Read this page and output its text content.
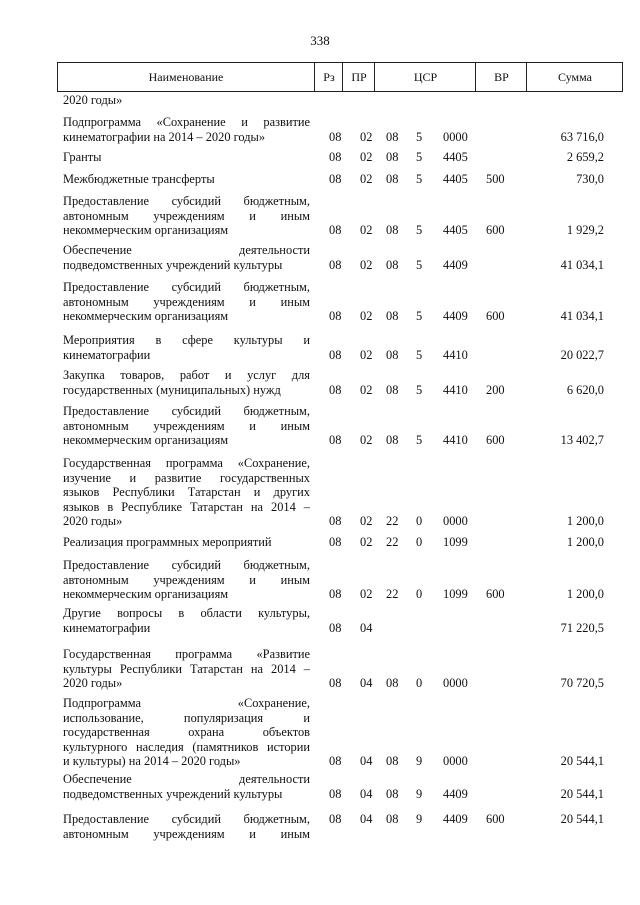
338
Наименование	Рз	ПР	ЦСР	ВР	Сумма
2020 годы»
Подпрограмма «Сохранение и развитие
кинематографии на 2014 – 2020 годы»	08 02 08 5 0000	63 716,0
Гранты	08 02 08 5 4405	2 659,2
Межбюджетные трансферты	08 02 08 5 4405 500	730,0
Предоставление субсидий бюджетным,
автономным учреждениям и иным
некоммерческим организациям	08 02 08 5 4405 600	1 929,2
Обеспечение деятельности
подведомственных учреждений культуры	08 02 08 5 4409	41 034,1
Предоставление субсидий бюджетным,
автономным учреждениям и иным
некоммерческим организациям	08 02 08 5 4409 600	41 034,1
Мероприятия в сфере культуры и
кинематографии	08 02 08 5 4410	20 022,7
Закупка товаров, работ и услуг для
государственных (муниципальных) нужд	08 02 08 5 4410 200	6 620,0
Предоставление субсидий бюджетным,
автономным учреждениям и иным
некоммерческим организациям	08 02 08 5 4410 600	13 402,7
Государственная программа «Сохранение,
изучение и развитие государственных
языков Республики Татарстан и других
языков в Республике Татарстан на 2014 –
2020 годы»	08 02 22 0 0000	1 200,0
Реализация программных мероприятий	08 02 22 0 1099	1 200,0
Предоставление субсидий бюджетным,
автономным учреждениям и иным
некоммерческим организациям	08 02 22 0 1099 600	1 200,0
Другие вопросы в области культуры,
кинематографии	08 04	71 220,5
Государственная программа «Развитие
культуры Республики Татарстан на 2014 –
2020 годы»	08 04 08 0 0000	70 720,5
Подпрограмма «Сохранение,
использование, популяризация и
государственная охрана объектов
культурного наследия (памятников истории
и культуры) на 2014 – 2020 годы»	08 04 08 9 0000	20 544,1
Обеспечение деятельности
подведомственных учреждений культуры	08 04 08 9 4409	20 544,1
Предоставление субсидий бюджетным,
автономным учреждениям и иным
08 04 08 9 4409 600	20 544,1
